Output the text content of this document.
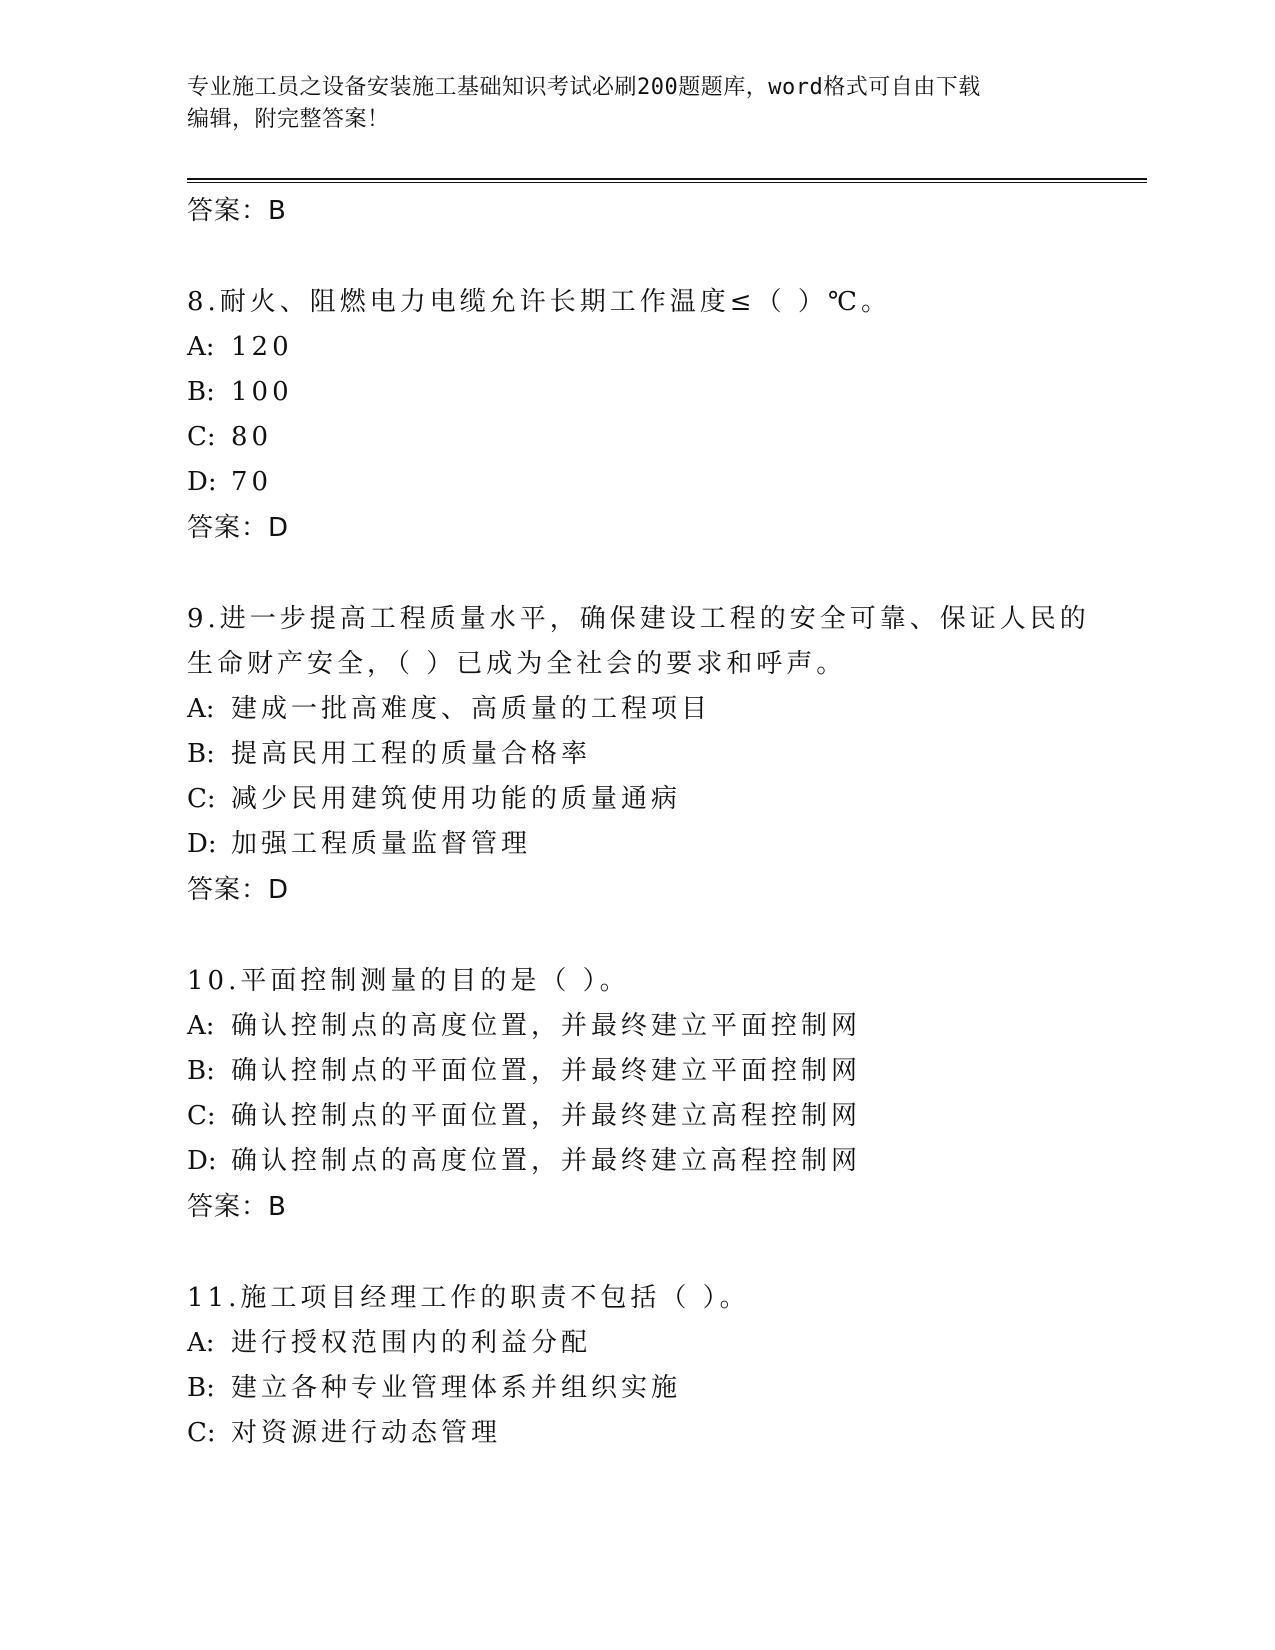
专业施工员之设备安装施工基础知识考试必刷200题题库，word格式可自由下载
编辑，附完整答案！
答案：B
8.耐火、阻燃电力电缆允许长期工作温度≤（ ）℃。
A: 120
B: 100
C: 80
D: 70
答案：D
9.进一步提高工程质量水平，确保建设工程的安全可靠、保证人民的
生命财产安全，（ ）已成为全社会的要求和呼声。
A: 建成一批高难度、高质量的工程项目
B: 提高民用工程的质量合格率
C: 减少民用建筑使用功能的质量通病
D: 加强工程质量监督管理
答案：D
10.平面控制测量的目的是（ ）。
A: 确认控制点的高度位置，并最终建立平面控制网
B: 确认控制点的平面位置，并最终建立平面控制网
C: 确认控制点的平面位置，并最终建立高程控制网
D: 确认控制点的高度位置，并最终建立高程控制网
答案：B
11.施工项目经理工作的职责不包括（ ）。
A: 进行授权范围内的利益分配
B: 建立各种专业管理体系并组织实施
C: 对资源进行动态管理
